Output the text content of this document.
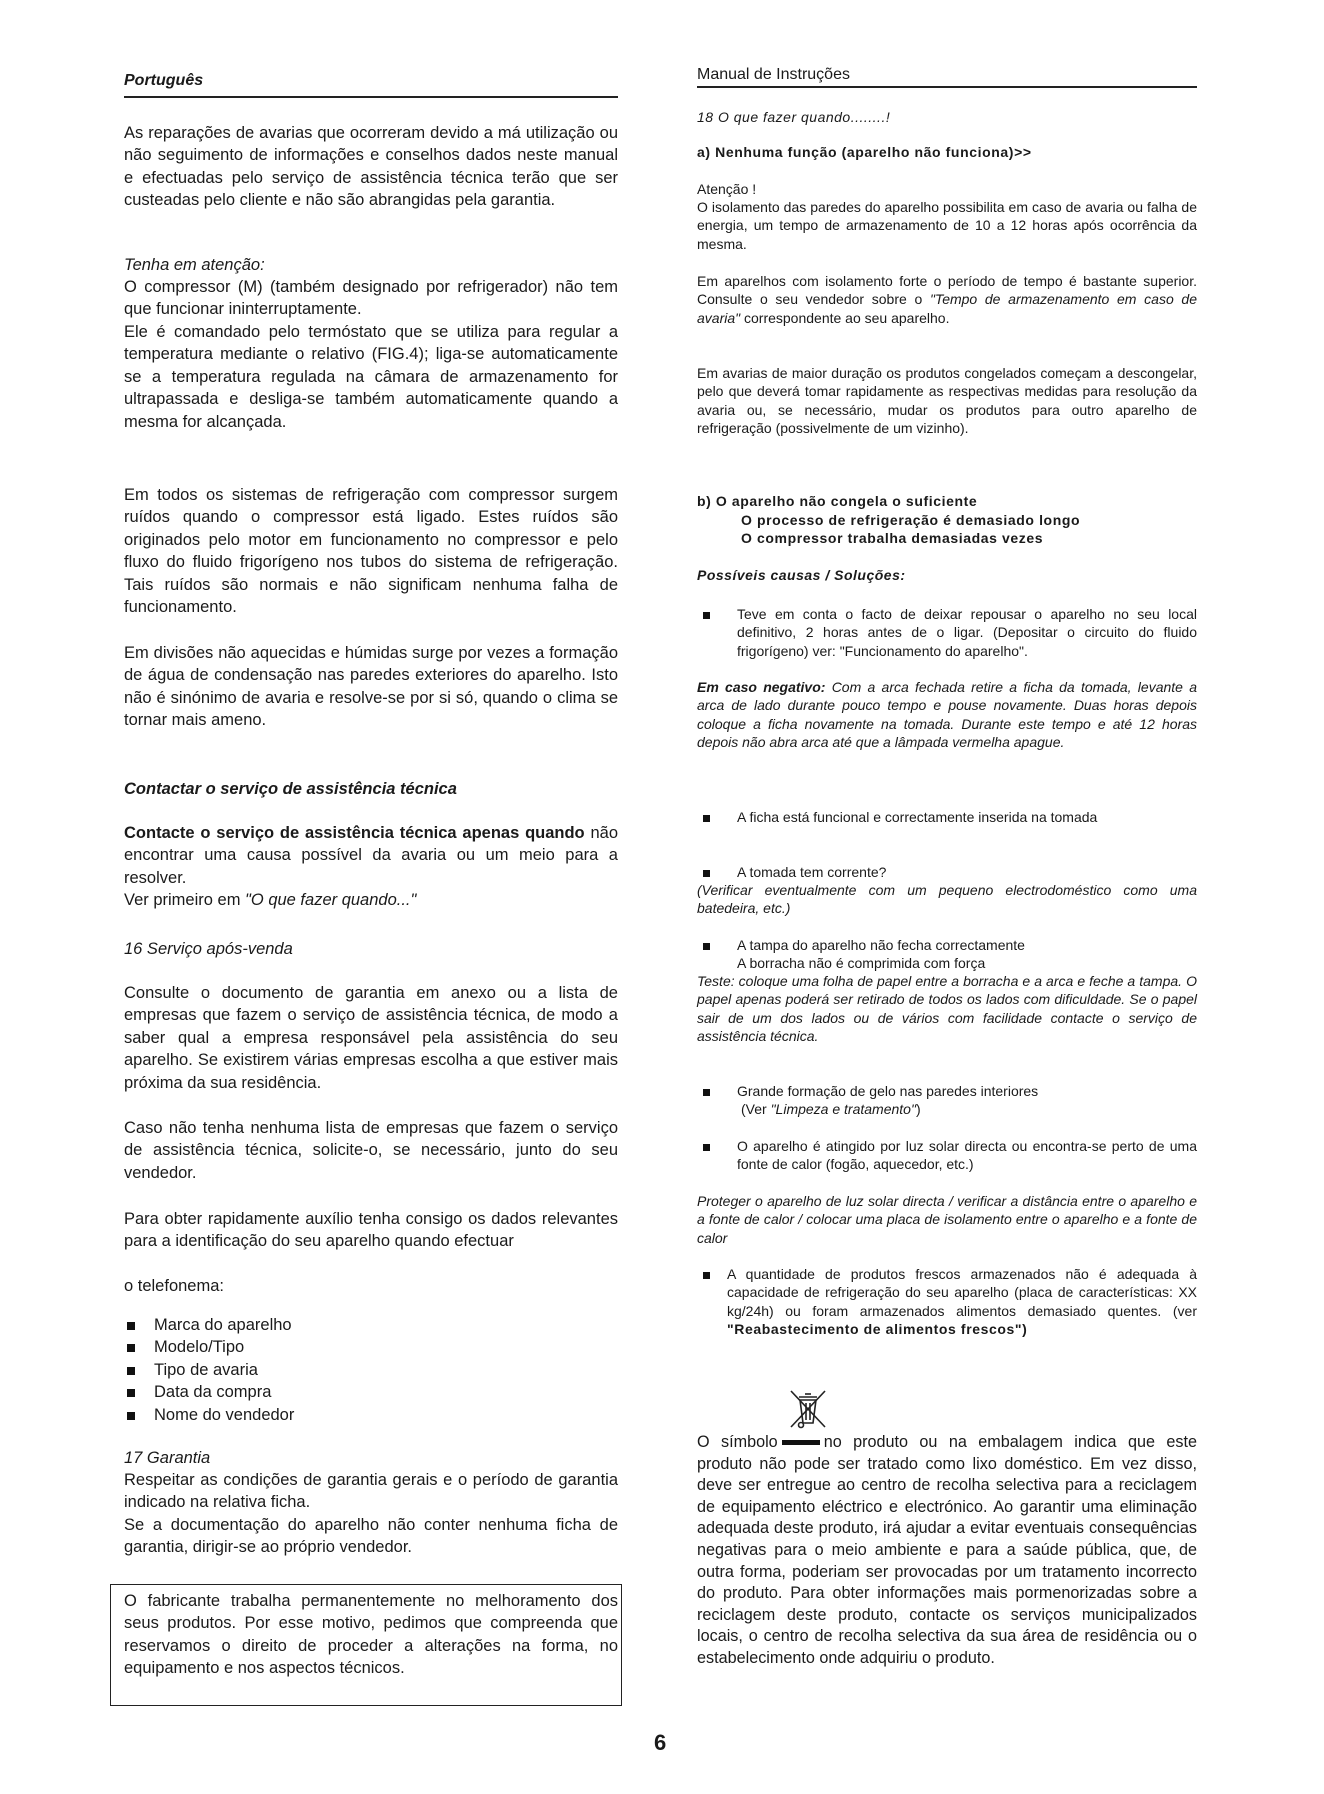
Português	Manual de Instruções

As reparações de avarias que ocorreram devido a má utilização ou não seguimento de informações e conselhos dados neste manual e efectuadas pelo serviço de assistência técnica terão que ser custeadas pelo cliente e não são abrangidas pela garantia.

Tenha em atenção:

O compressor (M) (também designado por refrigerador) não tem que funcionar ininterruptamente.

Ele é comandado pelo termóstato que se utiliza para regular a temperatura mediante o relativo (FIG.4); liga-se automaticamente se a temperatura regulada na câmara de armazenamento for ultrapassada e desliga-se também automaticamente quando a mesma for alcançada.

Em todos os sistemas de refrigeração com compressor surgem ruídos quando o compressor está ligado. Estes ruídos são originados pelo motor em funcionamento no compressor e pelo fluxo do fluido frigorígeno nos tubos do sistema de refrigeração. Tais ruídos são normais e não significam nenhuma falha de funcionamento.

Em divisões não aquecidas e húmidas surge por vezes a formação de água de condensação nas paredes exteriores do aparelho. Isto não é sinónimo de avaria e resolve-se por si só, quando o clima se tornar mais ameno.

Contactar o serviço de assistência técnica

Contacte o serviço de assistência técnica apenas quando não encontrar uma causa possível da avaria ou um meio para a resolver.
Ver primeiro em "O que fazer quando..."

16 Serviço após-venda

Consulte o documento de garantia em anexo ou a lista de empresas que fazem o serviço de assistência técnica, de modo a saber qual a empresa responsável pela assistência do seu aparelho. Se existirem várias empresas escolha a que estiver mais próxima da sua residência.

Caso não tenha nenhuma lista de empresas que fazem o serviço de assistência técnica, solicite-o, se necessário, junto do seu vendedor.

Para obter rapidamente auxílio tenha consigo os dados relevantes para a identificação do seu aparelho quando efectuar

o telefonema:

Marca do aparelho
Modelo/Tipo
Tipo de avaria
Data da compra
Nome do vendedor

17 Garantia

Respeitar as condições de garantia gerais e o período de garantia indicado na relativa ficha.

Se a documentação do aparelho não conter nenhuma ficha de garantia, dirigir-se ao próprio vendedor.

O fabricante trabalha permanentemente no melhoramento dos seus produtos. Por esse motivo, pedimos que compreenda que reservamos o direito de proceder a alterações na forma, no equipamento e nos aspectos técnicos.

18 O que fazer quando........!

a) Nenhuma função (aparelho não funciona)>>

Atenção !

O isolamento das paredes do aparelho possibilita em caso de avaria ou falha de energia, um tempo de armazenamento de 10 a 12 horas após ocorrência da mesma.

Em aparelhos com isolamento forte o período de tempo é bastante superior. Consulte o seu vendedor sobre o "Tempo de armazenamento em caso de avaria" correspondente ao seu aparelho.

Em avarias de maior duração os produtos congelados começam a descongelar, pelo que deverá tomar rapidamente as respectivas medidas para resolução da avaria ou, se necessário, mudar os produtos para outro aparelho de refrigeração (possivelmente de um vizinho).

b) O aparelho não congela o suficiente

O processo de refrigeração é demasiado longo

O compressor trabalha demasiadas vezes

Possíveis causas / Soluções:

Teve em conta o facto de deixar repousar o aparelho no seu local definitivo, 2 horas antes de o ligar. (Depositar o circuito do fluido frigorígeno) ver: "Funcionamento do aparelho".

Em caso negativo: Com a arca fechada retire a ficha da tomada, levante a arca de lado durante pouco tempo e pouse novamente. Duas horas depois coloque a ficha novamente na tomada. Durante este tempo e até 12 horas depois não abra arca até que a lâmpada vermelha apague.

A ficha está funcional e correctamente inserida na tomada

A tomada tem corrente?

(Verificar eventualmente com um pequeno electrodoméstico como uma batedeira, etc.)

A tampa do aparelho não fecha correctamente

A borracha não é comprimida com força

Teste: coloque uma folha de papel entre a borracha e a arca e feche a tampa. O papel apenas poderá ser retirado de todos os lados com dificuldade. Se o papel sair de um dos lados ou de vários com facilidade contacte o serviço de assistência técnica.

Grande formação de gelo nas paredes interiores

(Ver "Limpeza e tratamento")

O aparelho é atingido por luz solar directa ou encontra-se perto de uma fonte de calor (fogão, aquecedor, etc.)

Proteger o aparelho de luz solar directa / verificar a distância entre o aparelho e a fonte de calor / colocar uma placa de isolamento entre o aparelho e a fonte de calor

A quantidade de produtos frescos armazenados não é adequada à capacidade de refrigeração do seu aparelho (placa de características: XX kg/24h) ou foram armazenados alimentos demasiado quentes. (ver "Reabastecimento de alimentos frescos")

O símbolo	no produto ou na embalagem indica que este produto não pode ser tratado como lixo doméstico. Em vez disso, deve ser entregue ao centro de recolha selectiva para a reciclagem de equipamento eléctrico e electrónico. Ao garantir uma eliminação adequada deste produto, irá ajudar a evitar eventuais consequências negativas para o meio ambiente e para a saúde pública, que, de outra forma, poderiam ser provocadas por um tratamento incorrecto do produto. Para obter informações mais pormenorizadas sobre a reciclagem deste produto, contacte os serviços municipalizados locais, o centro de recolha selectiva da sua área de residência ou o estabelecimento onde adquiriu o produto.

6
